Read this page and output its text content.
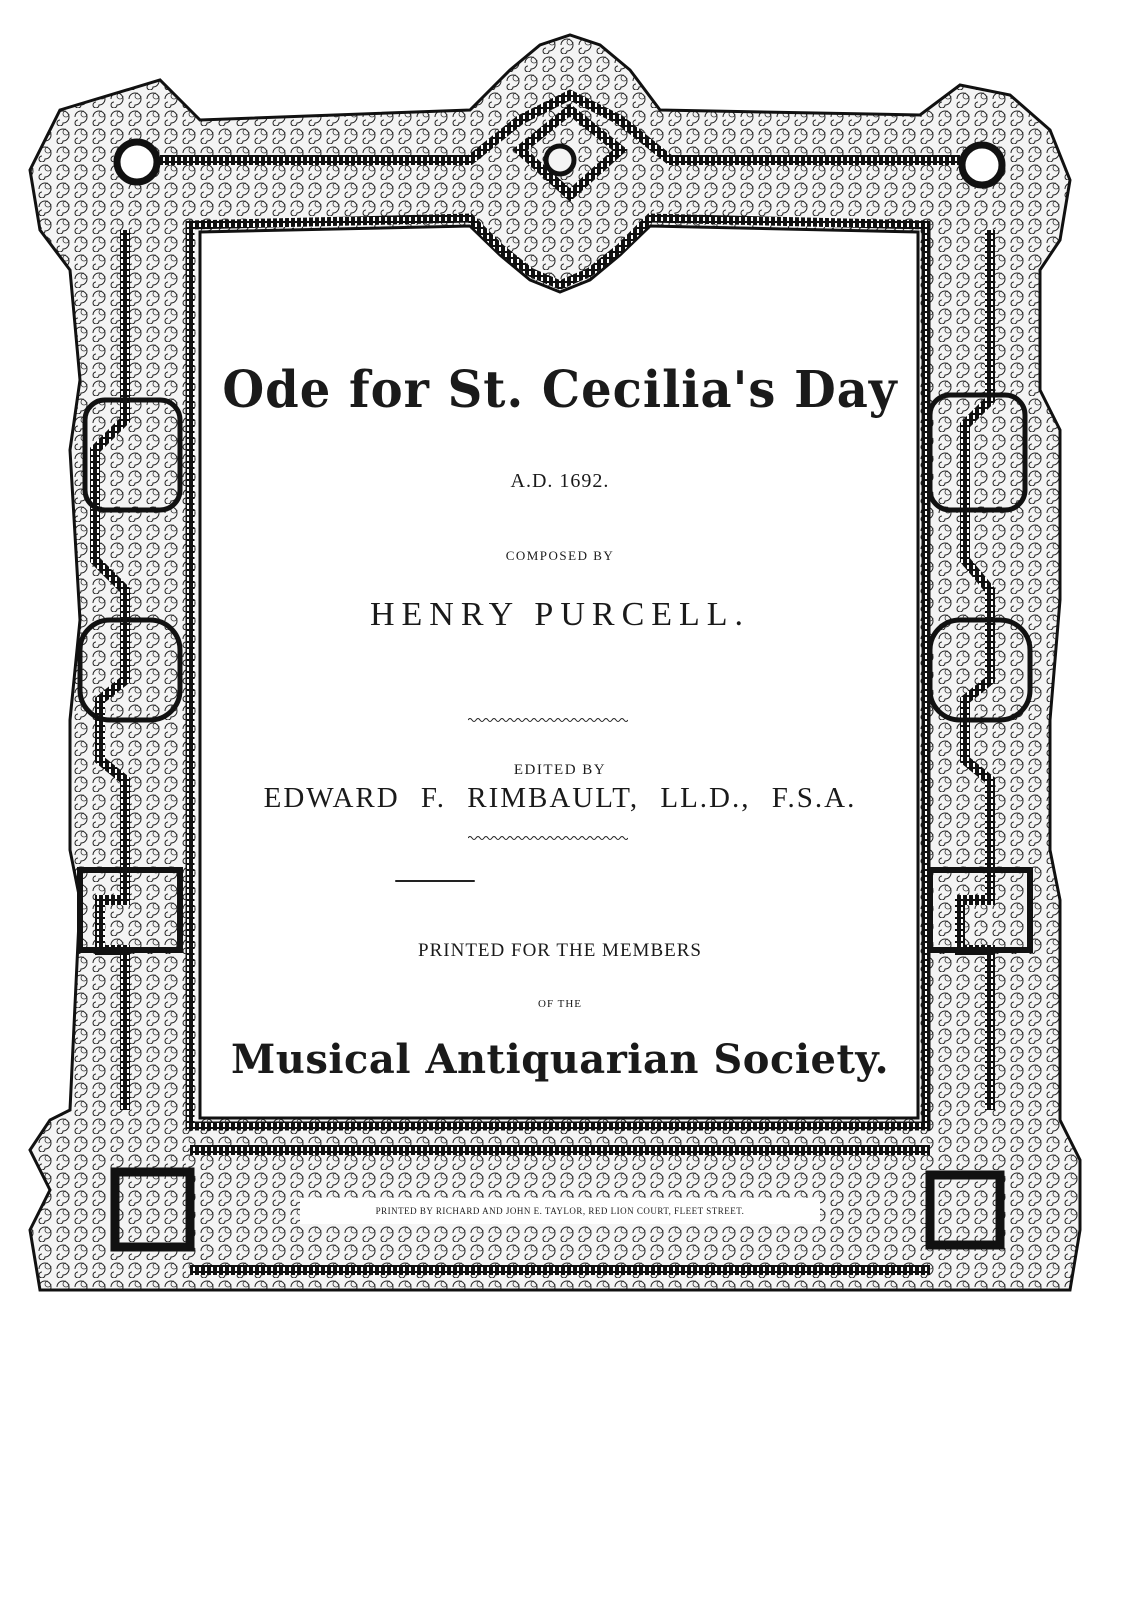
Ode for St. Cecilia's Day
A.D. 1692.
COMPOSED BY
HENRY PURCELL.
EDITED BY
EDWARD F. RIMBAULT, LL.D., F.S.A.
PRINTED FOR THE MEMBERS
OF THE
Musical Antiquarian Society.
PRINTED BY RICHARD AND JOHN E. TAYLOR, RED LION COURT, FLEET STREET.
